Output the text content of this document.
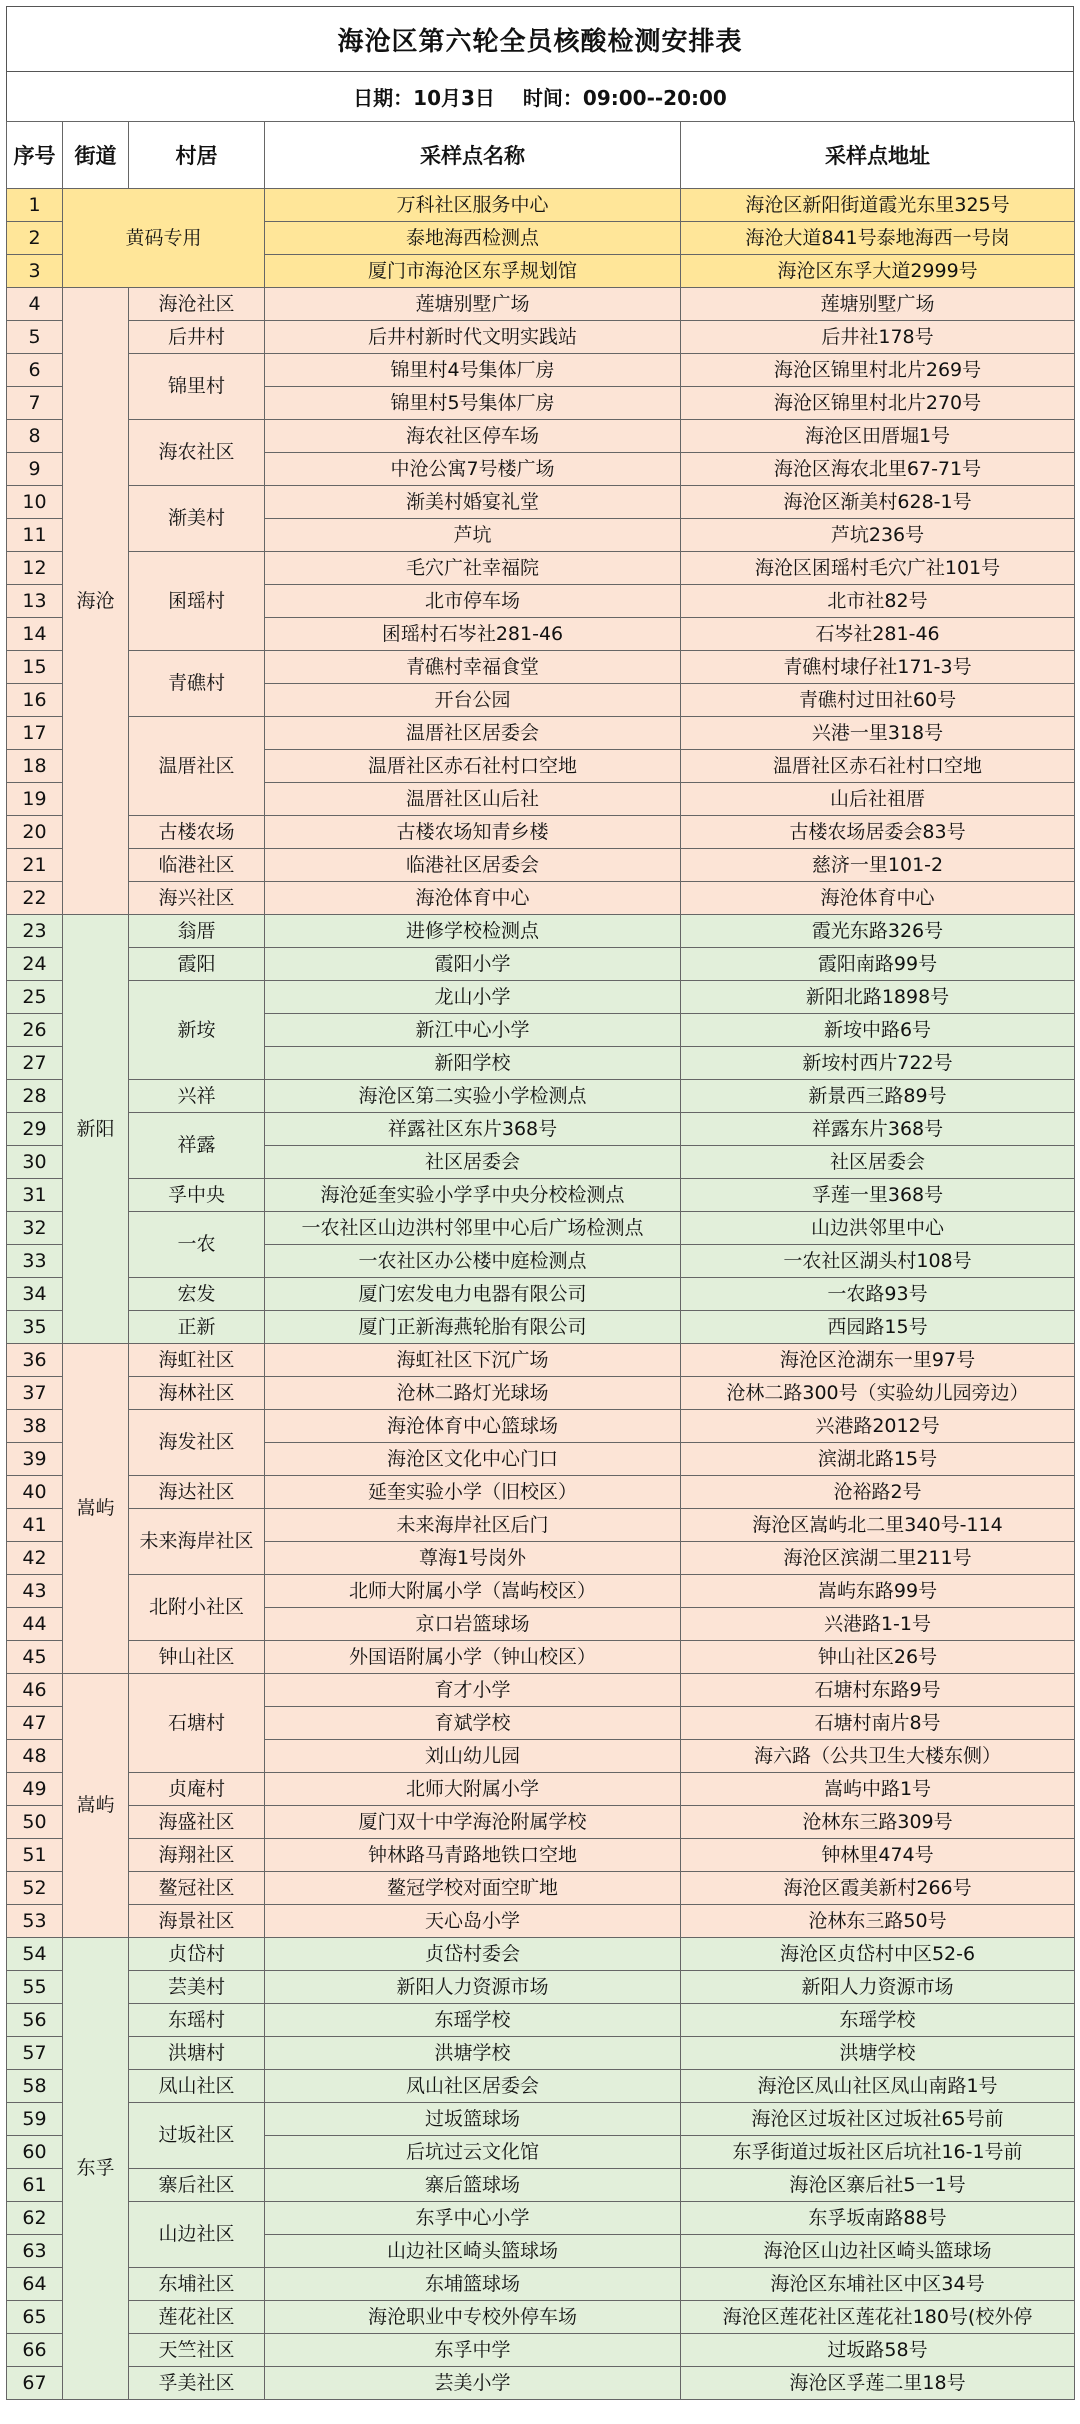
海沧区第六轮全员核酸检测安排表
日期：10月3日 时间：09:00--20:00
序号	街道	村居	采样点名称	采样点地址
1	黄码专用		万科社区服务中心	海沧区新阳街道霞光东里325号
2			泰地海西检测点	海沧大道841号泰地海西一号岗
3			厦门市海沧区东孚规划馆	海沧区东孚大道2999号
4	海沧	海沧社区	莲塘别墅广场	莲塘别墅广场
5		后井村	后井村新时代文明实践站	后井社178号
6		锦里村	锦里村4号集体厂房	海沧区锦里村北片269号
7			锦里村5号集体厂房	海沧区锦里村北片270号
8		海农社区	海农社区停车场	海沧区田厝堀1号
9			中沧公寓7号楼广场	海沧区海农北里67-71号
10		渐美村	渐美村婚宴礼堂	海沧区渐美村628-1号
11			芦坑	芦坑236号
12		囷瑶村	毛穴广社幸福院	海沧区囷瑶村毛穴广社101号
13			北市停车场	北市社82号
14			囷瑶村石岑社281-46	石岑社281-46
15		青礁村	青礁村幸福食堂	青礁村埭仔社171-3号
16			开台公园	青礁村过田社60号
17		温厝社区	温厝社区居委会	兴港一里318号
18			温厝社区赤石社村口空地	温厝社区赤石社村口空地
19			温厝社区山后社	山后社祖厝
20		古楼农场	古楼农场知青乡楼	古楼农场居委会83号
21		临港社区	临港社区居委会	慈济一里101-2
22		海兴社区	海沧体育中心	海沧体育中心
23	新阳	翁厝	进修学校检测点	霞光东路326号
24		霞阳	霞阳小学	霞阳南路99号
25		新垵	龙山小学	新阳北路1898号
26			新江中心小学	新垵中路6号
27			新阳学校	新垵村西片722号
28		兴祥	海沧区第二实验小学检测点	新景西三路89号
29		祥露	祥露社区东片368号	祥露东片368号
30			社区居委会	社区居委会
31		孚中央	海沧延奎实验小学孚中央分校检测点	孚莲一里368号
32		一农	一农社区山边洪村邻里中心后广场检测点	山边洪邻里中心
33			一农社区办公楼中庭检测点	一农社区湖头村108号
34		宏发	厦门宏发电力电器有限公司	一农路93号
35		正新	厦门正新海燕轮胎有限公司	西园路15号
36	嵩屿	海虹社区	海虹社区下沉广场	海沧区沧湖东一里97号
37		海林社区	沧林二路灯光球场	沧林二路300号（实验幼儿园旁边）
38		海发社区	海沧体育中心篮球场	兴港路2012号
39			海沧区文化中心门口	滨湖北路15号
40		海达社区	延奎实验小学（旧校区）	沧裕路2号
41		未来海岸社区	未来海岸社区后门	海沧区嵩屿北二里340号-114
42			尊海1号岗外	海沧区滨湖二里211号
43		北附小社区	北师大附属小学（嵩屿校区）	嵩屿东路99号
44			京口岩篮球场	兴港路1-1号
45		钟山社区	外国语附属小学（钟山校区）	钟山社区26号
46	嵩屿	石塘村	育才小学	石塘村东路9号
47			育斌学校	石塘村南片8号
48			刘山幼儿园	海六路（公共卫生大楼东侧）
49		贞庵村	北师大附属小学	嵩屿中路1号
50		海盛社区	厦门双十中学海沧附属学校	沧林东三路309号
51		海翔社区	钟林路马青路地铁口空地	钟林里474号
52		鳌冠社区	鳌冠学校对面空旷地	海沧区霞美新村266号
53		海景社区	天心岛小学	沧林东三路50号
54	东孚	贞岱村	贞岱村委会	海沧区贞岱村中区52-6
55		芸美村	新阳人力资源市场	新阳人力资源市场
56		东瑶村	东瑶学校	东瑶学校
57		洪塘村	洪塘学校	洪塘学校
58		凤山社区	凤山社区居委会	海沧区凤山社区凤山南路1号
59		过坂社区	过坂篮球场	海沧区过坂社区过坂社65号前
60			后坑过云文化馆	东孚街道过坂社区后坑社16-1号前
61		寨后社区	寨后篮球场	海沧区寨后社5一1号
62		山边社区	东孚中心小学	东孚坂南路88号
63			山边社区崎头篮球场	海沧区山边社区崎头篮球场
64		东埔社区	东埔篮球场	海沧区东埔社区中区34号
65		莲花社区	海沧职业中专校外停车场	海沧区莲花社区莲花社180号(校外停
66		天竺社区	东孚中学	过坂路58号
67		孚美社区	芸美小学	海沧区孚莲二里18号
